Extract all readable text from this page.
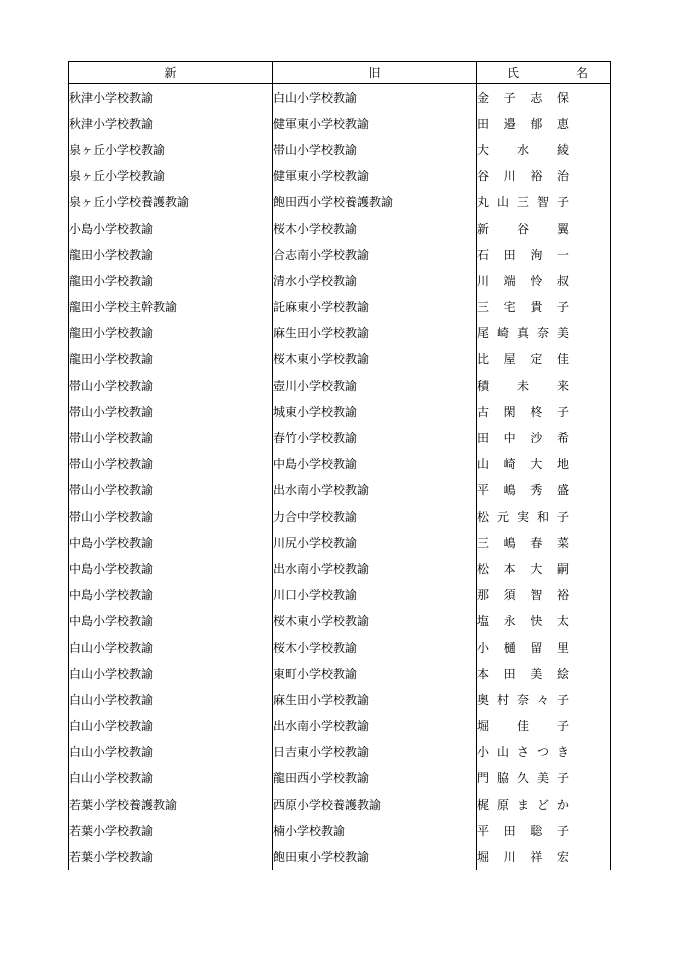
新	旧	氏 名

秋津小学校教諭	白山小学校教諭	金 子 志 保

秋津小学校教諭	健軍東小学校教諭	田 邉 郁 恵

泉ヶ丘小学校教諭	帯山小学校教諭	大 水 綾

泉ヶ丘小学校教諭	健軍東小学校教諭	谷 川 裕 治

泉ヶ丘小学校養護教諭	飽田西小学校養護教諭	丸 山 三 智 子

小島小学校教諭	桜木小学校教諭	新 谷 翼

龍田小学校教諭	合志南小学校教諭	石 田 洵 一

龍田小学校教諭	清水小学校教諭	川 端 怜 叔

龍田小学校主幹教諭	託麻東小学校教諭	三 宅 貴 子

龍田小学校教諭	麻生田小学校教諭	尾 崎 真 奈 美

龍田小学校教諭	桜木東小学校教諭	比 屋 定 佳

帯山小学校教諭	壺川小学校教諭	積 未 来

帯山小学校教諭	城東小学校教諭	古 閑 柊 子

帯山小学校教諭	春竹小学校教諭	田 中 沙 希

帯山小学校教諭	中島小学校教諭	山 崎 大 地

帯山小学校教諭	出水南小学校教諭	平 嶋 秀 盛

帯山小学校教諭	力合中学校教諭	松 元 実 和 子

中島小学校教諭	川尻小学校教諭	三 嶋 春 菜

中島小学校教諭	出水南小学校教諭	松 本 大 嗣

中島小学校教諭	川口小学校教諭	那 須 智 裕

中島小学校教諭	桜木東小学校教諭	塩 永 快 太

白山小学校教諭	桜木小学校教諭	小 樋 留 里

白山小学校教諭	東町小学校教諭	本 田 美 絵

白山小学校教諭	麻生田小学校教諭	奥 村 奈 々 子

白山小学校教諭	出水南小学校教諭	堀 佳 子

白山小学校教諭	日吉東小学校教諭	小 山 さ つ き

白山小学校教諭	龍田西小学校教諭	門 脇 久 美 子

若葉小学校養護教諭	西原小学校養護教諭	梶 原 ま ど か

若葉小学校教諭	楠小学校教諭	平 田 聡 子

若葉小学校教諭	飽田東小学校教諭	堀 川 祥 宏
